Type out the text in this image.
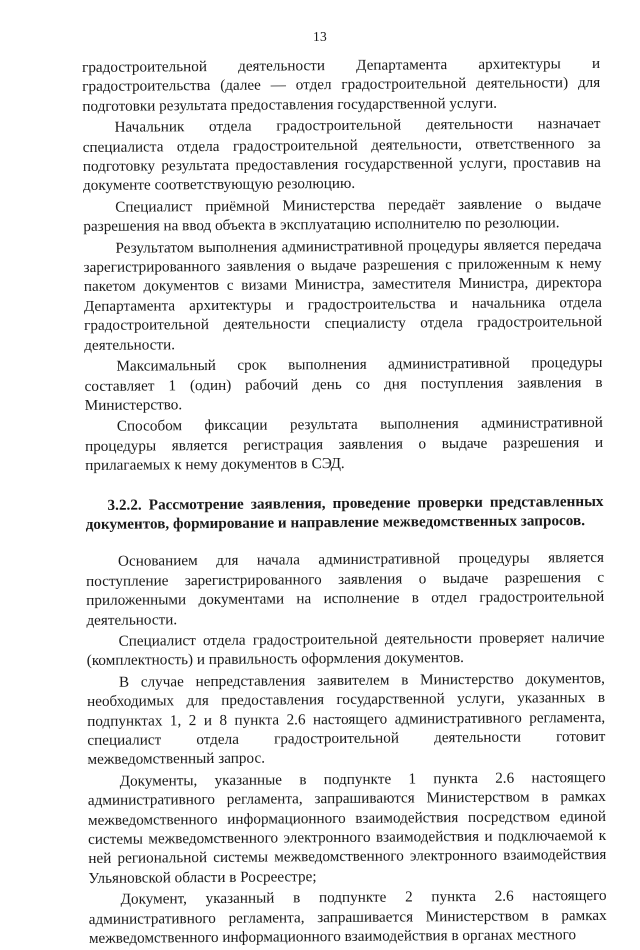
13

градостроительной деятельности Департамента архитектуры и градостроительства (далее — отдел градостроительной деятельности) для подготовки результата предоставления государственной услуги.

Начальник отдела градостроительной деятельности назначает специалиста отдела градостроительной деятельности, ответственного за подготовку результата предоставления государственной услуги, проставив на документе соответствующую резолюцию.

Специалист приёмной Министерства передаёт заявление о выдаче разрешения на ввод объекта в эксплуатацию исполнителю по резолюции.

Результатом выполнения административной процедуры является передача зарегистрированного заявления о выдаче разрешения с приложенным к нему пакетом документов с визами Министра, заместителя Министра, директора Департамента архитектуры и градостроительства и начальника отдела градостроительной деятельности специалисту отдела градостроительной деятельности.

Максимальный срок выполнения административной процедуры составляет 1 (один) рабочий день со дня поступления заявления в Министерство.

Способом фиксации результата выполнения административной процедуры является регистрация заявления о выдаче разрешения и прилагаемых к нему документов в СЭД.

3.2.2. Рассмотрение заявления, проведение проверки представленных документов, формирование и направление межведомственных запросов.

Основанием для начала административной процедуры является поступление зарегистрированного заявления о выдаче разрешения с приложенными документами на исполнение в отдел градостроительной деятельности.

Специалист отдела градостроительной деятельности проверяет наличие (комплектность) и правильность оформления документов.

В случае непредставления заявителем в Министерство документов, необходимых для предоставления государственной услуги, указанных в подпунктах 1, 2 и 8 пункта 2.6 настоящего административного регламента, специалист отдела градостроительной деятельности готовит межведомственный запрос.

Документы, указанные в подпункте 1 пункта 2.6 настоящего административного регламента, запрашиваются Министерством в рамках межведомственного информационного взаимодействия посредством единой системы межведомственного электронного взаимодействия и подключаемой к ней региональной системы межведомственного электронного взаимодействия Ульяновской области в Росреестре;

Документ, указанный в подпункте 2 пункта 2.6 настоящего административного регламента, запрашивается Министерством в рамках межведомственного информационного взаимодействия в органах местного
